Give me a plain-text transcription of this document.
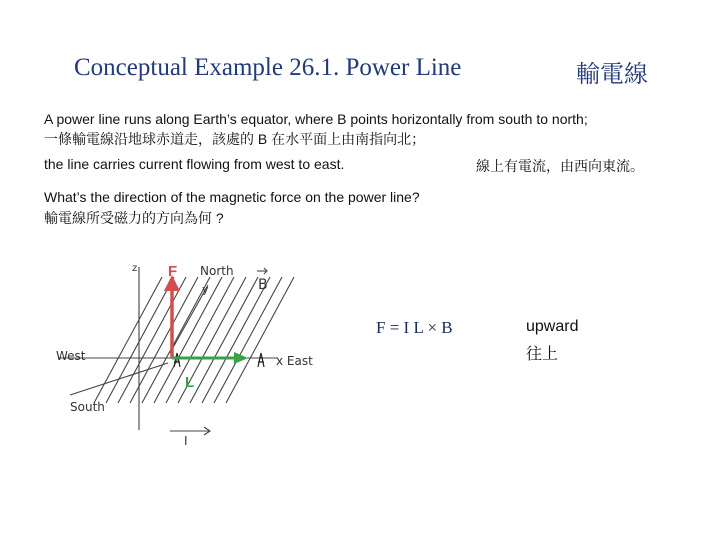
Conceptual Example 26.1. Power Line	輸電線
A power line runs along Earth’s equator, where B points horizontally from south to north;
一條輸電線沿地球赤道走，該處的 B 在水平面上由南指向北；
the line carries current flowing from west to east.	線上有電流，由西向東流。
What’s the direction of the magnetic force on the power line?
輸電線所受磁力的方向為何 ?
z	North
B
y
West	x East
South
I
F
L
F = I L × B	upward
往上
